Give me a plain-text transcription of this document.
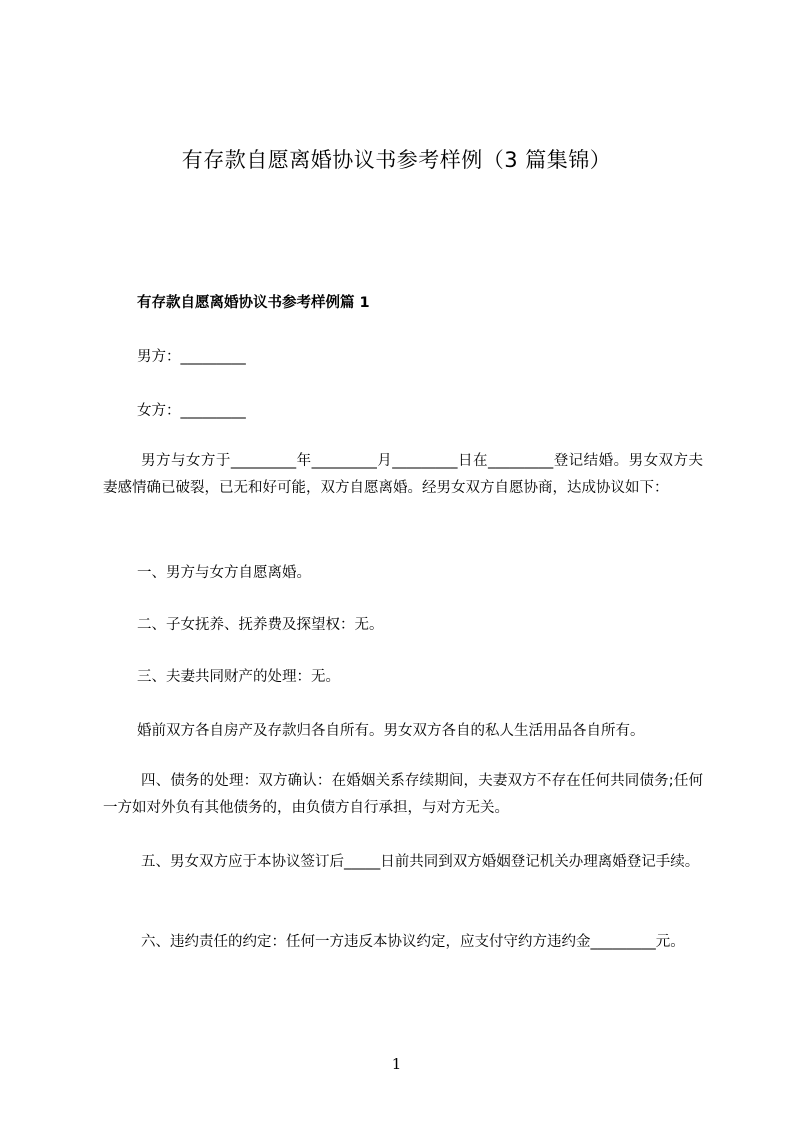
有存款自愿离婚协议书参考样例（3 篇集锦）
有存款自愿离婚协议书参考样例篇 1

男方：_________

女方：_________

男方与女方于_________年_________月_________日在_________登记结婚。男女双方夫妻感情确已破裂，已无和好可能，双方自愿离婚。经男女双方自愿协商，达成协议如下：

一、男方与女方自愿离婚。

二、子女抚养、抚养费及探望权：无。

三、夫妻共同财产的处理：无。

婚前双方各自房产及存款归各自所有。男女双方各自的私人生活用品各自所有。

四、债务的处理：双方确认：在婚姻关系存续期间，夫妻双方不存在任何共同债务;任何一方如对外负有其他债务的，由负债方自行承担，与对方无关。

五、男女双方应于本协议签订后_____日前共同到双方婚姻登记机关办理离婚登记手续。

六、违约责任的约定：任何一方违反本协议约定，应支付守约方违约金_________元。

1
